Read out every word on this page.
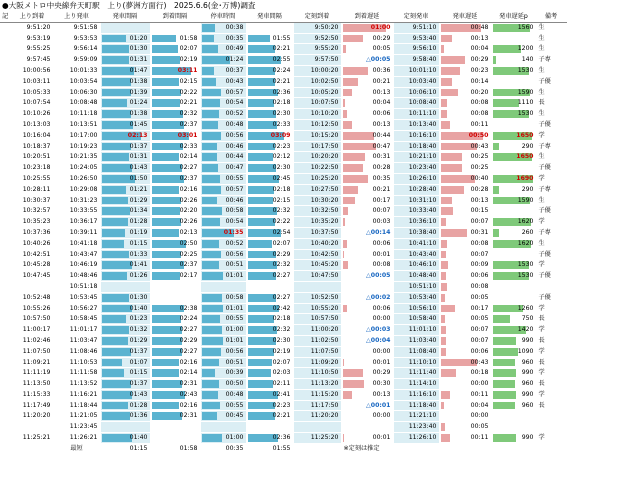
●大阪メトロ中央線弁天町駅　上り(夢洲方面行)　2025.6.6(金･万博)調査
記	上り到着	上り発車	発車間隔	到着間隔	停車時間	発車間隔	定刻到着	到着遅延	定刻発車	発車遅延	発車遅延p	備考
	9:51:20	9:51:58			00:38		9:50:20	01:00	9:51:10	00:48	1560	生
	9:53:19	9:53:53	01:20	01:58	00:35	01:55	9:52:50	00:29	9:53:40	00:13		生
	9:55:25	9:56:14	01:30	02:07	00:49	02:21	9:55:20	00:05	9:56:10	00:04	1200	生
	9:57:45	9:59:09	01:31	02:19	01:24	02:55	9:57:50	△00:05	9:58:40	00:29	140	子専
	10:00:56	10:01:33	01:47	03:11	00:37	02:24	10:00:20	00:36	10:01:10	00:23	1530	生
	10:03:11	10:03:54	01:38	02:15	00:43	02:21	10:02:50	00:21	10:03:40	00:14		子優
	10:05:33	10:06:30	01:39	02:22	00:57	02:36	10:05:20	00:13	10:06:10	00:20	1590	生
	10:07:54	10:08:48	01:24	02:21	00:54	02:18	10:07:50	00:04	10:08:40	00:08	1110	長
	10:10:26	10:11:18	01:38	02:32	00:52	02:30	10:10:20	00:06	10:11:10	00:08	1530	生
	10:13:03	10:13:51	01:45	02:37	00:48	02:33	10:12:50	00:13	10:13:40	00:11		子優
	10:16:04	10:17:00	02:13	03:01	00:56	03:09	10:15:20	00:44	10:16:10	00:50	1650	学
	10:18:37	10:19:23	01:37	02:33	00:46	02:23	10:17:50	00:47	10:18:40	00:43	290	子専
	10:20:51	10:21:35	01:31	02:14	00:44	02:12	10:20:20	00:31	10:21:10	00:25	1650	生
	10:23:18	10:24:05	01:43	02:27	00:47	02:30	10:22:50	00:28	10:23:40	00:25		子優
	10:25:55	10:26:50	01:50	02:37	00:55	02:45	10:25:20	00:35	10:26:10	00:40	1690	学
	10:28:11	10:29:08	01:21	02:16	00:57	02:18	10:27:50	00:21	10:28:40	00:28	290	子専
	10:30:37	10:31:23	01:29	02:26	00:46	02:15	10:30:20	00:17	10:31:10	00:13	1590	生
	10:32:57	10:33:55	01:34	02:20	00:58	02:32	10:32:50	00:07	10:33:40	00:15		子優
	10:35:23	10:36:17	01:28	02:26	00:54	02:22	10:35:20	00:03	10:36:10	00:07	1620	学
	10:37:36	10:39:11	01:19	02:13	01:35	02:54	10:37:50	△00:14	10:38:40	00:31	260	子専
	10:40:26	10:41:18	01:15	02:50	00:52	02:07	10:40:20	00:06	10:41:10	00:08	1620	生
	10:42:51	10:43:47	01:33	02:25	00:56	02:29	10:42:50	00:01	10:43:40	00:07		子優
	10:45:28	10:46:19	01:41	02:37	00:51	02:32	10:45:20	00:08	10:46:10	00:09	1530	学
	10:47:45	10:48:46	01:26	02:17	01:01	02:27	10:47:50	△00:05	10:48:40	00:06	1530	子優
		10:51:18							10:51:10	00:08		
	10:52:48	10:53:45	01:30		00:58	02:27	10:52:50	△00:02	10:53:40	00:05		子優
	10:55:26	10:56:27	01:40	02:38	01:01	02:42	10:55:20	00:06	10:56:10	00:17	1260	学
	10:57:50	10:58:45	01:23	02:24	00:55	02:18	10:57:50	00:00	10:58:40	00:05	750	長
	11:00:17	11:01:17	01:32	02:27	01:00	02:32	11:00:20	△00:03	11:01:10	00:07	1420	学
	11:02:46	11:03:47	01:29	02:29	01:01	02:30	11:02:50	△00:04	11:03:40	00:07	990	長
	11:07:50	11:08:46	01:37	02:27	00:56	02:19	11:07:50	00:00	11:08:40	00:06	1090	学
	11:09:21	11:10:53	01:07	02:16	00:51	02:07	11:09:20	00:01	11:10:10	00:43	960	長
	11:11:19	11:11:58	01:15	02:14	00:39	02:03	11:10:50	00:29	11:11:40	00:18	990	学
	11:13:50	11:13:52	01:37	02:31	00:50	02:11	11:13:20	00:30	11:14:10	00:00	960	長
	11:15:33	11:16:21	01:43	02:43	00:48	02:41	11:15:20	00:13	11:16:10	00:11	990	学
	11:17:49	11:18:44	01:28	02:16	00:55	02:23	11:17:50	△00:01	11:18:40	00:04	960	長
	11:20:20	11:21:05	01:36	02:31	00:45	02:21	11:20:20	00:00	11:21:10	00:00		
		11:23:45							11:23:40	00:05		
	11:25:21	11:26:21	01:40		01:00	02:36	11:25:20	00:01	11:26:10	00:11	990	学
		最短	01:15	01:58	00:35	01:55		※定刻は推定				
